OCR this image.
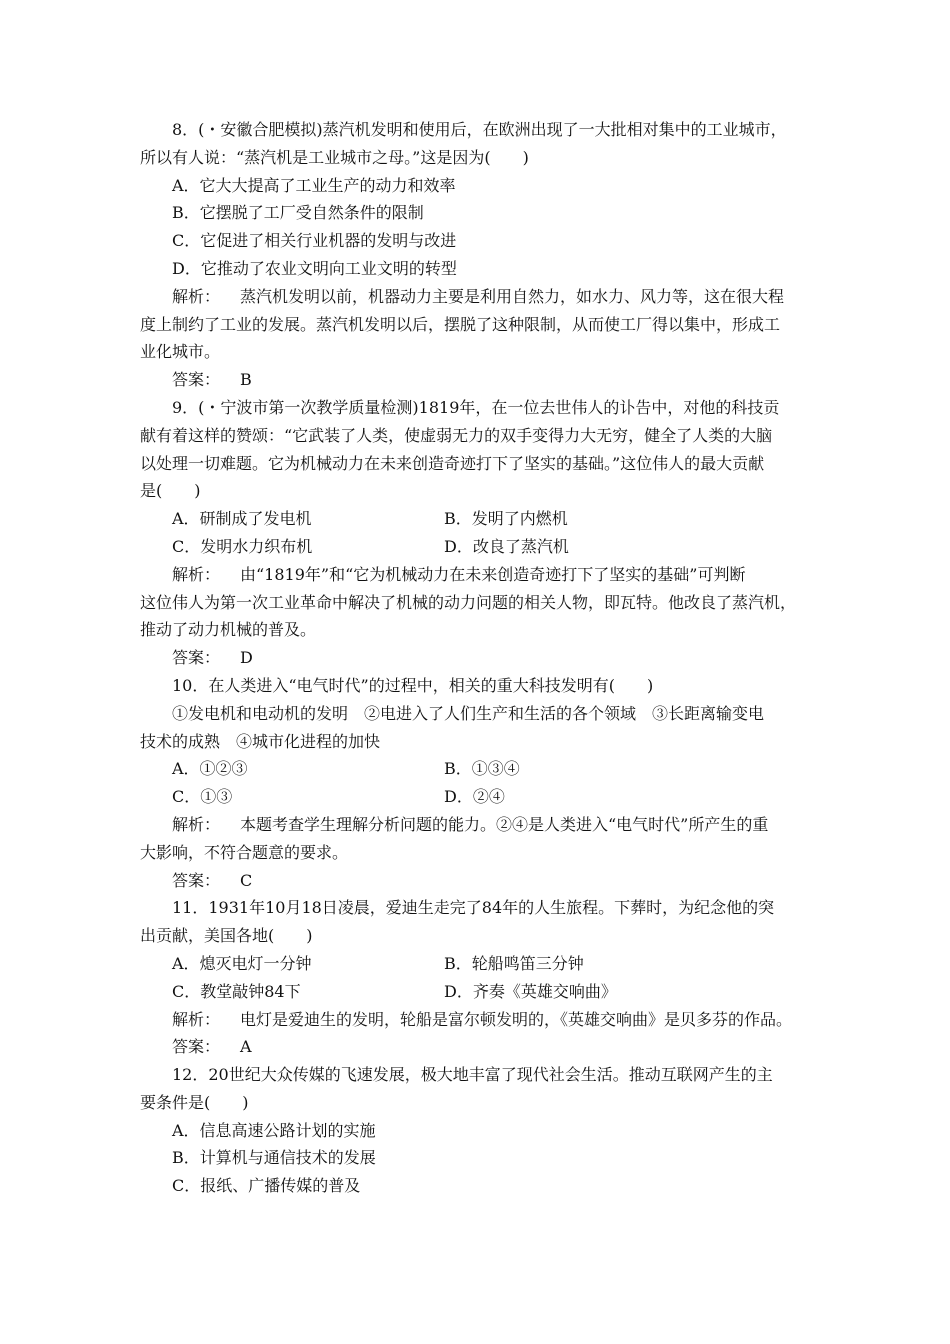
8．(・安徽合肥模拟)蒸汽机发明和使用后，在欧洲出现了一大批相对集中的工业城市，
所以有人说：“蒸汽机是工业城市之母。”这是因为(　　)
A．它大大提高了工业生产的动力和效率
B．它摆脱了工厂受自然条件的限制
C．它促进了相关行业机器的发明与改进
D．它推动了农业文明向工业文明的转型
解析： 蒸汽机发明以前，机器动力主要是利用自然力，如水力、风力等，这在很大程
度上制约了工业的发展。蒸汽机发明以后，摆脱了这种限制，从而使工厂得以集中，形成工
业化城市。
答案： B
9．(・宁波市第一次教学质量检测)1819年，在一位去世伟人的讣告中，对他的科技贡
献有着这样的赞颂：“它武装了人类，使虚弱无力的双手变得力大无穷，健全了人类的大脑
以处理一切难题。它为机械动力在未来创造奇迹打下了坚实的基础。”这位伟人的最大贡献
是(　　)
A．研制成了发电机	B．发明了内燃机
C．发明水力织布机	D．改良了蒸汽机
解析： 由“1819年”和“它为机械动力在未来创造奇迹打下了坚实的基础”可判断
这位伟人为第一次工业革命中解决了机械的动力问题的相关人物，即瓦特。他改良了蒸汽机，
推动了动力机械的普及。
答案： D
10．在人类进入“电气时代”的过程中，相关的重大科技发明有(　　)
①发电机和电动机的发明　②电进入了人们生产和生活的各个领域　③长距离输变电
技术的成熟　④城市化进程的加快
A．①②③	B．①③④
C．①③	D．②④
解析： 本题考查学生理解分析问题的能力。②④是人类进入“电气时代”所产生的重
大影响，不符合题意的要求。
答案： C
11．1931年10月18日凌晨，爱迪生走完了84年的人生旅程。下葬时，为纪念他的突
出贡献，美国各地(　　)
A．熄灭电灯一分钟	B．轮船鸣笛三分钟
C．教堂敲钟84下	D．齐奏《英雄交响曲》
解析： 电灯是爱迪生的发明，轮船是富尔顿发明的，《英雄交响曲》是贝多芬的作品。
答案： A
12．20世纪大众传媒的飞速发展，极大地丰富了现代社会生活。推动互联网产生的主
要条件是(　　)
A．信息高速公路计划的实施
B．计算机与通信技术的发展
C．报纸、广播传媒的普及
